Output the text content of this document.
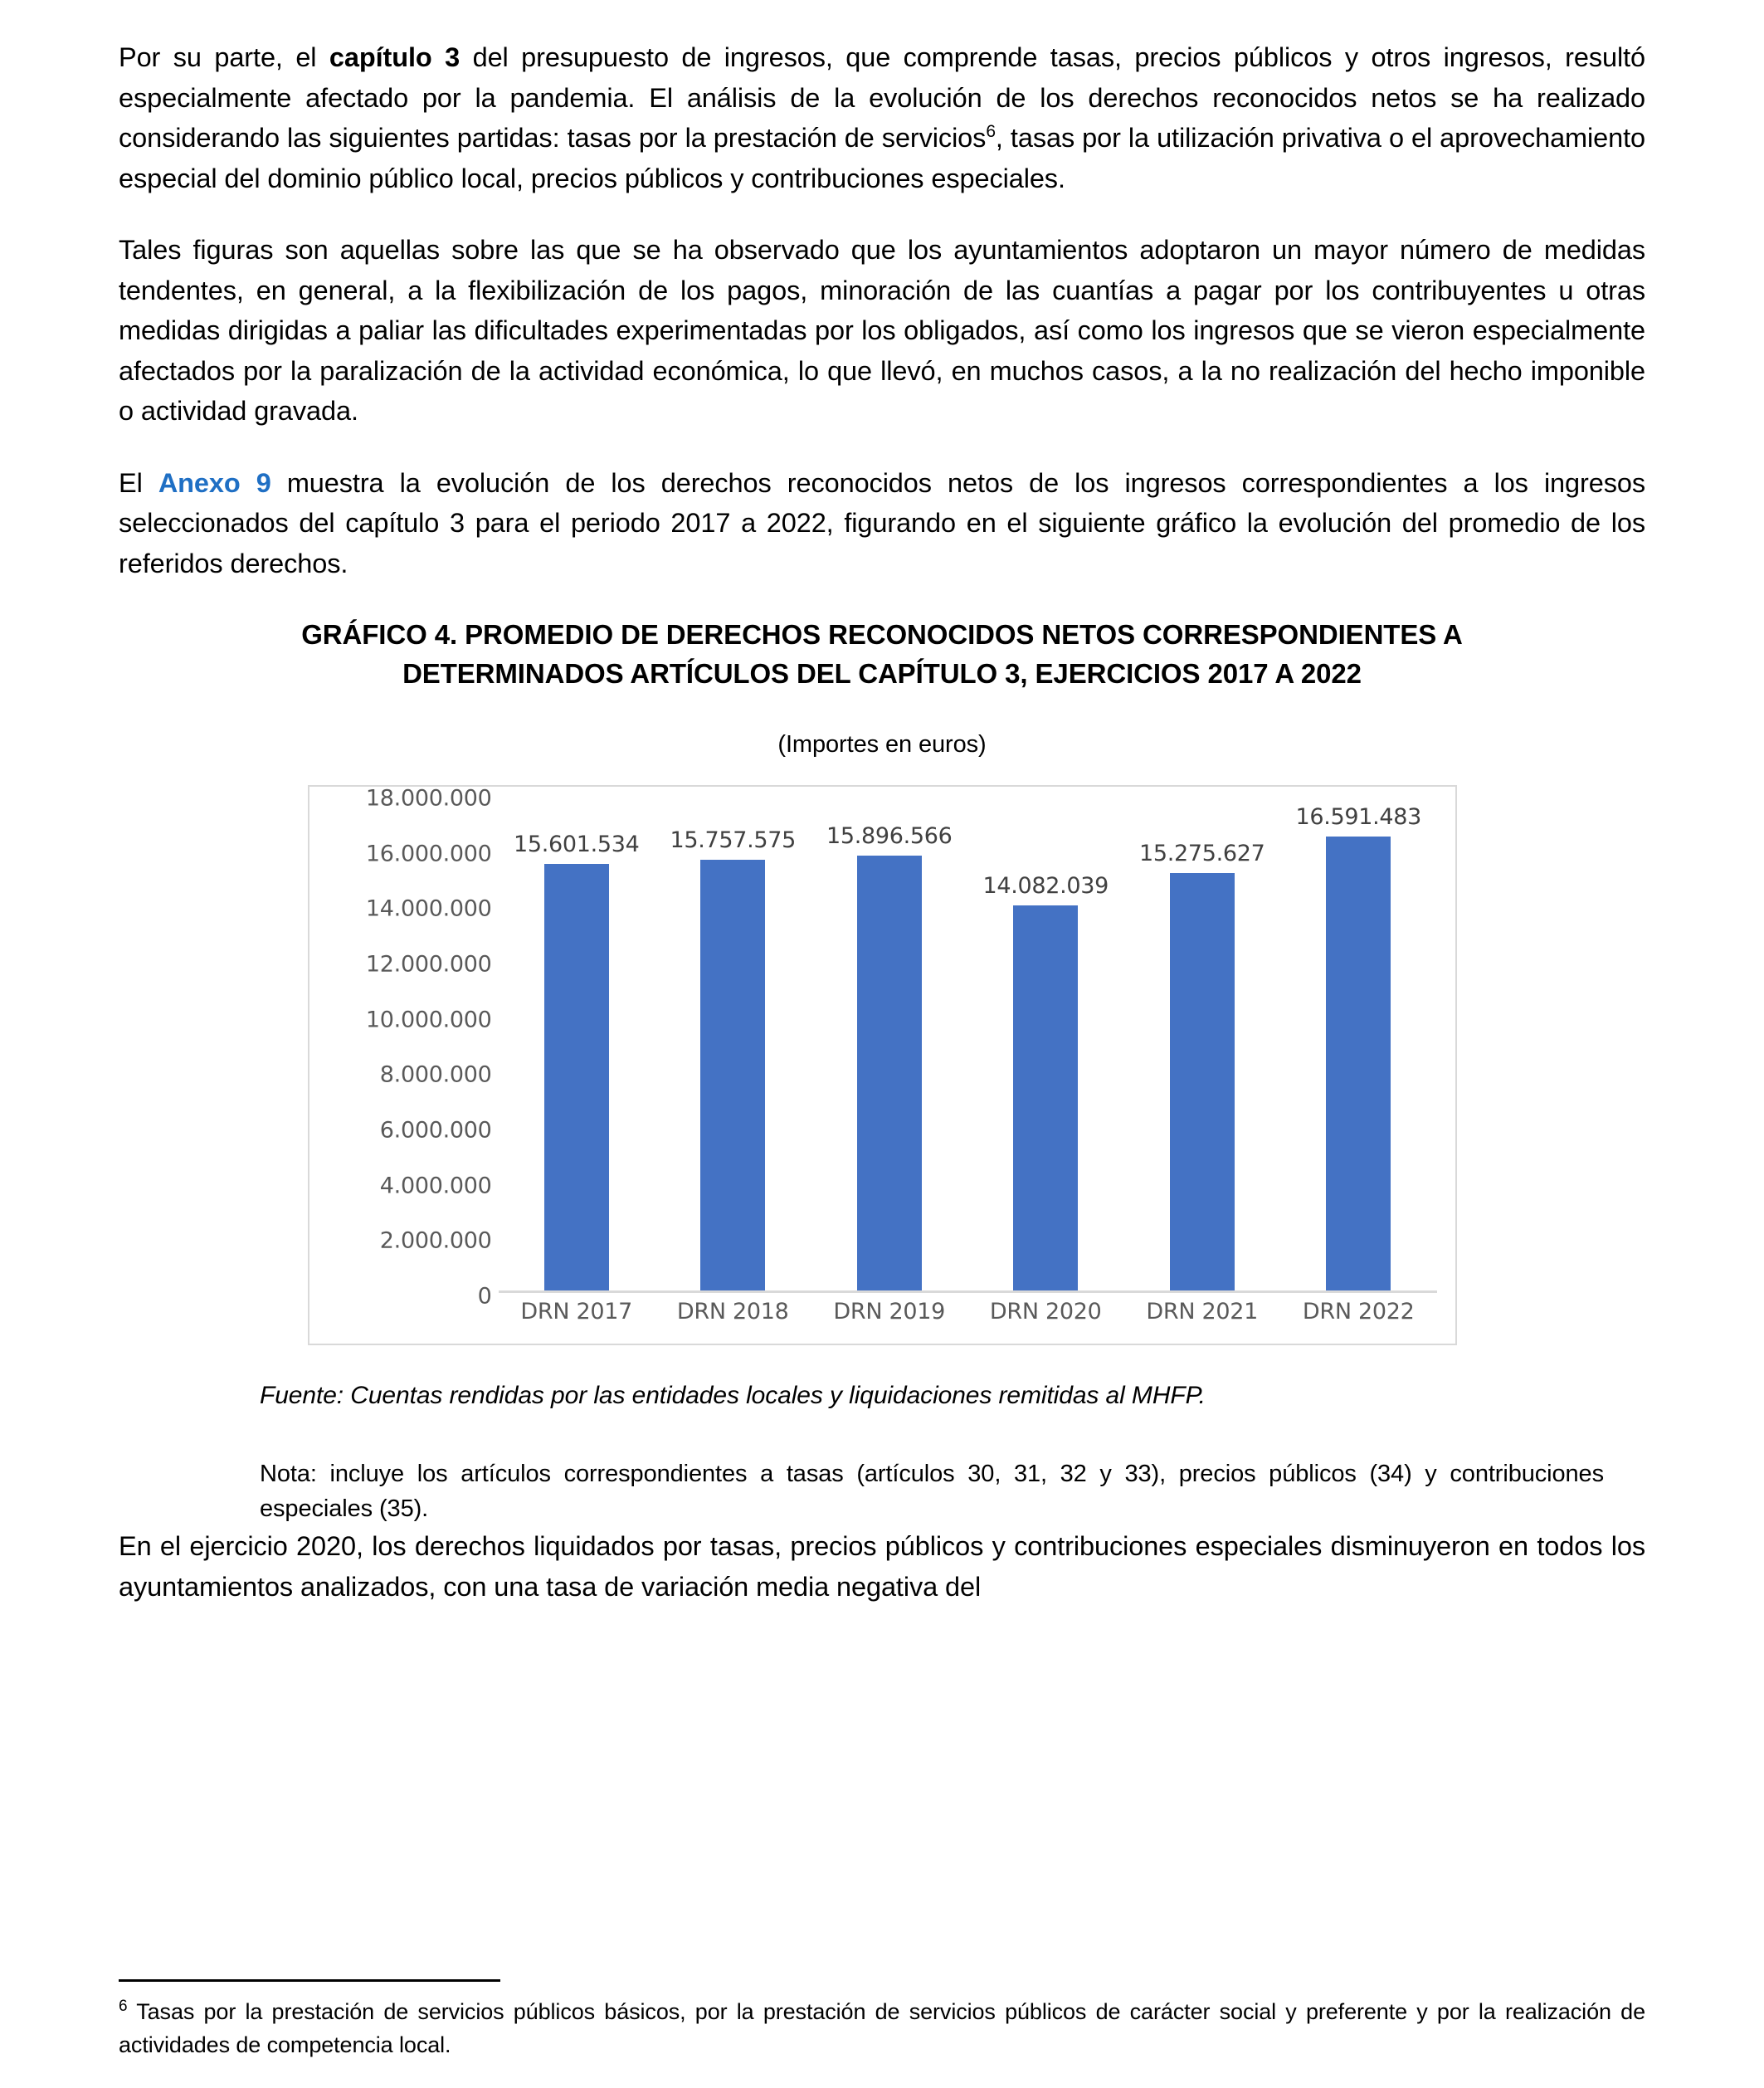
Por su parte, el capítulo 3 del presupuesto de ingresos, que comprende tasas, precios públicos y otros ingresos, resultó especialmente afectado por la pandemia. El análisis de la evolución de los derechos reconocidos netos se ha realizado considerando las siguientes partidas: tasas por la prestación de servicios$^6$, tasas por la utilización privativa o el aprovechamiento especial del dominio público local, precios públicos y contribuciones especiales.

Tales figuras son aquellas sobre las que se ha observado que los ayuntamientos adoptaron un mayor número de medidas tendentes, en general, a la flexibilización de los pagos, minoración de las cuantías a pagar por los contribuyentes u otras medidas dirigidas a paliar las dificultades experimentadas por los obligados, así como los ingresos que se vieron especialmente afectados por la paralización de la actividad económica, lo que llevó, en muchos casos, a la no realización del hecho imponible o actividad gravada.

El Anexo 9 muestra la evolución de los derechos reconocidos netos de los ingresos correspondientes a los ingresos seleccionados del capítulo 3 para el periodo 2017 a 2022, figurando en el siguiente gráfico la evolución del promedio de los referidos derechos.

GRÁFICO 4. PROMEDIO DE DERECHOS RECONOCIDOS NETOS CORRESPONDIENTES A
DETERMINADOS ARTÍCULOS DEL CAPÍTULO 3, EJERCICIOS 2017 A 2022
(Importes en euros)
18.000.000
16.000.000
14.000.000
12.000.000
10.000.000
8.000.000
6.000.000
4.000.000
2.000.000
0
15.601.534 15.757.575 15.896.566
14.082.039
15.275.627
16.591.483
DRN 2017	DRN 2018	DRN 2019	DRN 2020	DRN 2021	DRN 2022

Fuente: Cuentas rendidas por las entidades locales y liquidaciones remitidas al MHFP.

Nota: incluye los artículos correspondientes a tasas (artículos 30, 31, 32 y 33), precios públicos (34) y contribuciones especiales (35).

En el ejercicio 2020, los derechos liquidados por tasas, precios públicos y contribuciones especiales disminuyeron en todos los ayuntamientos analizados, con una tasa de variación media negativa del

$^6$ Tasas por la prestación de servicios públicos básicos, por la prestación de servicios públicos de carácter social y preferente y por la realización de actividades de competencia local.
